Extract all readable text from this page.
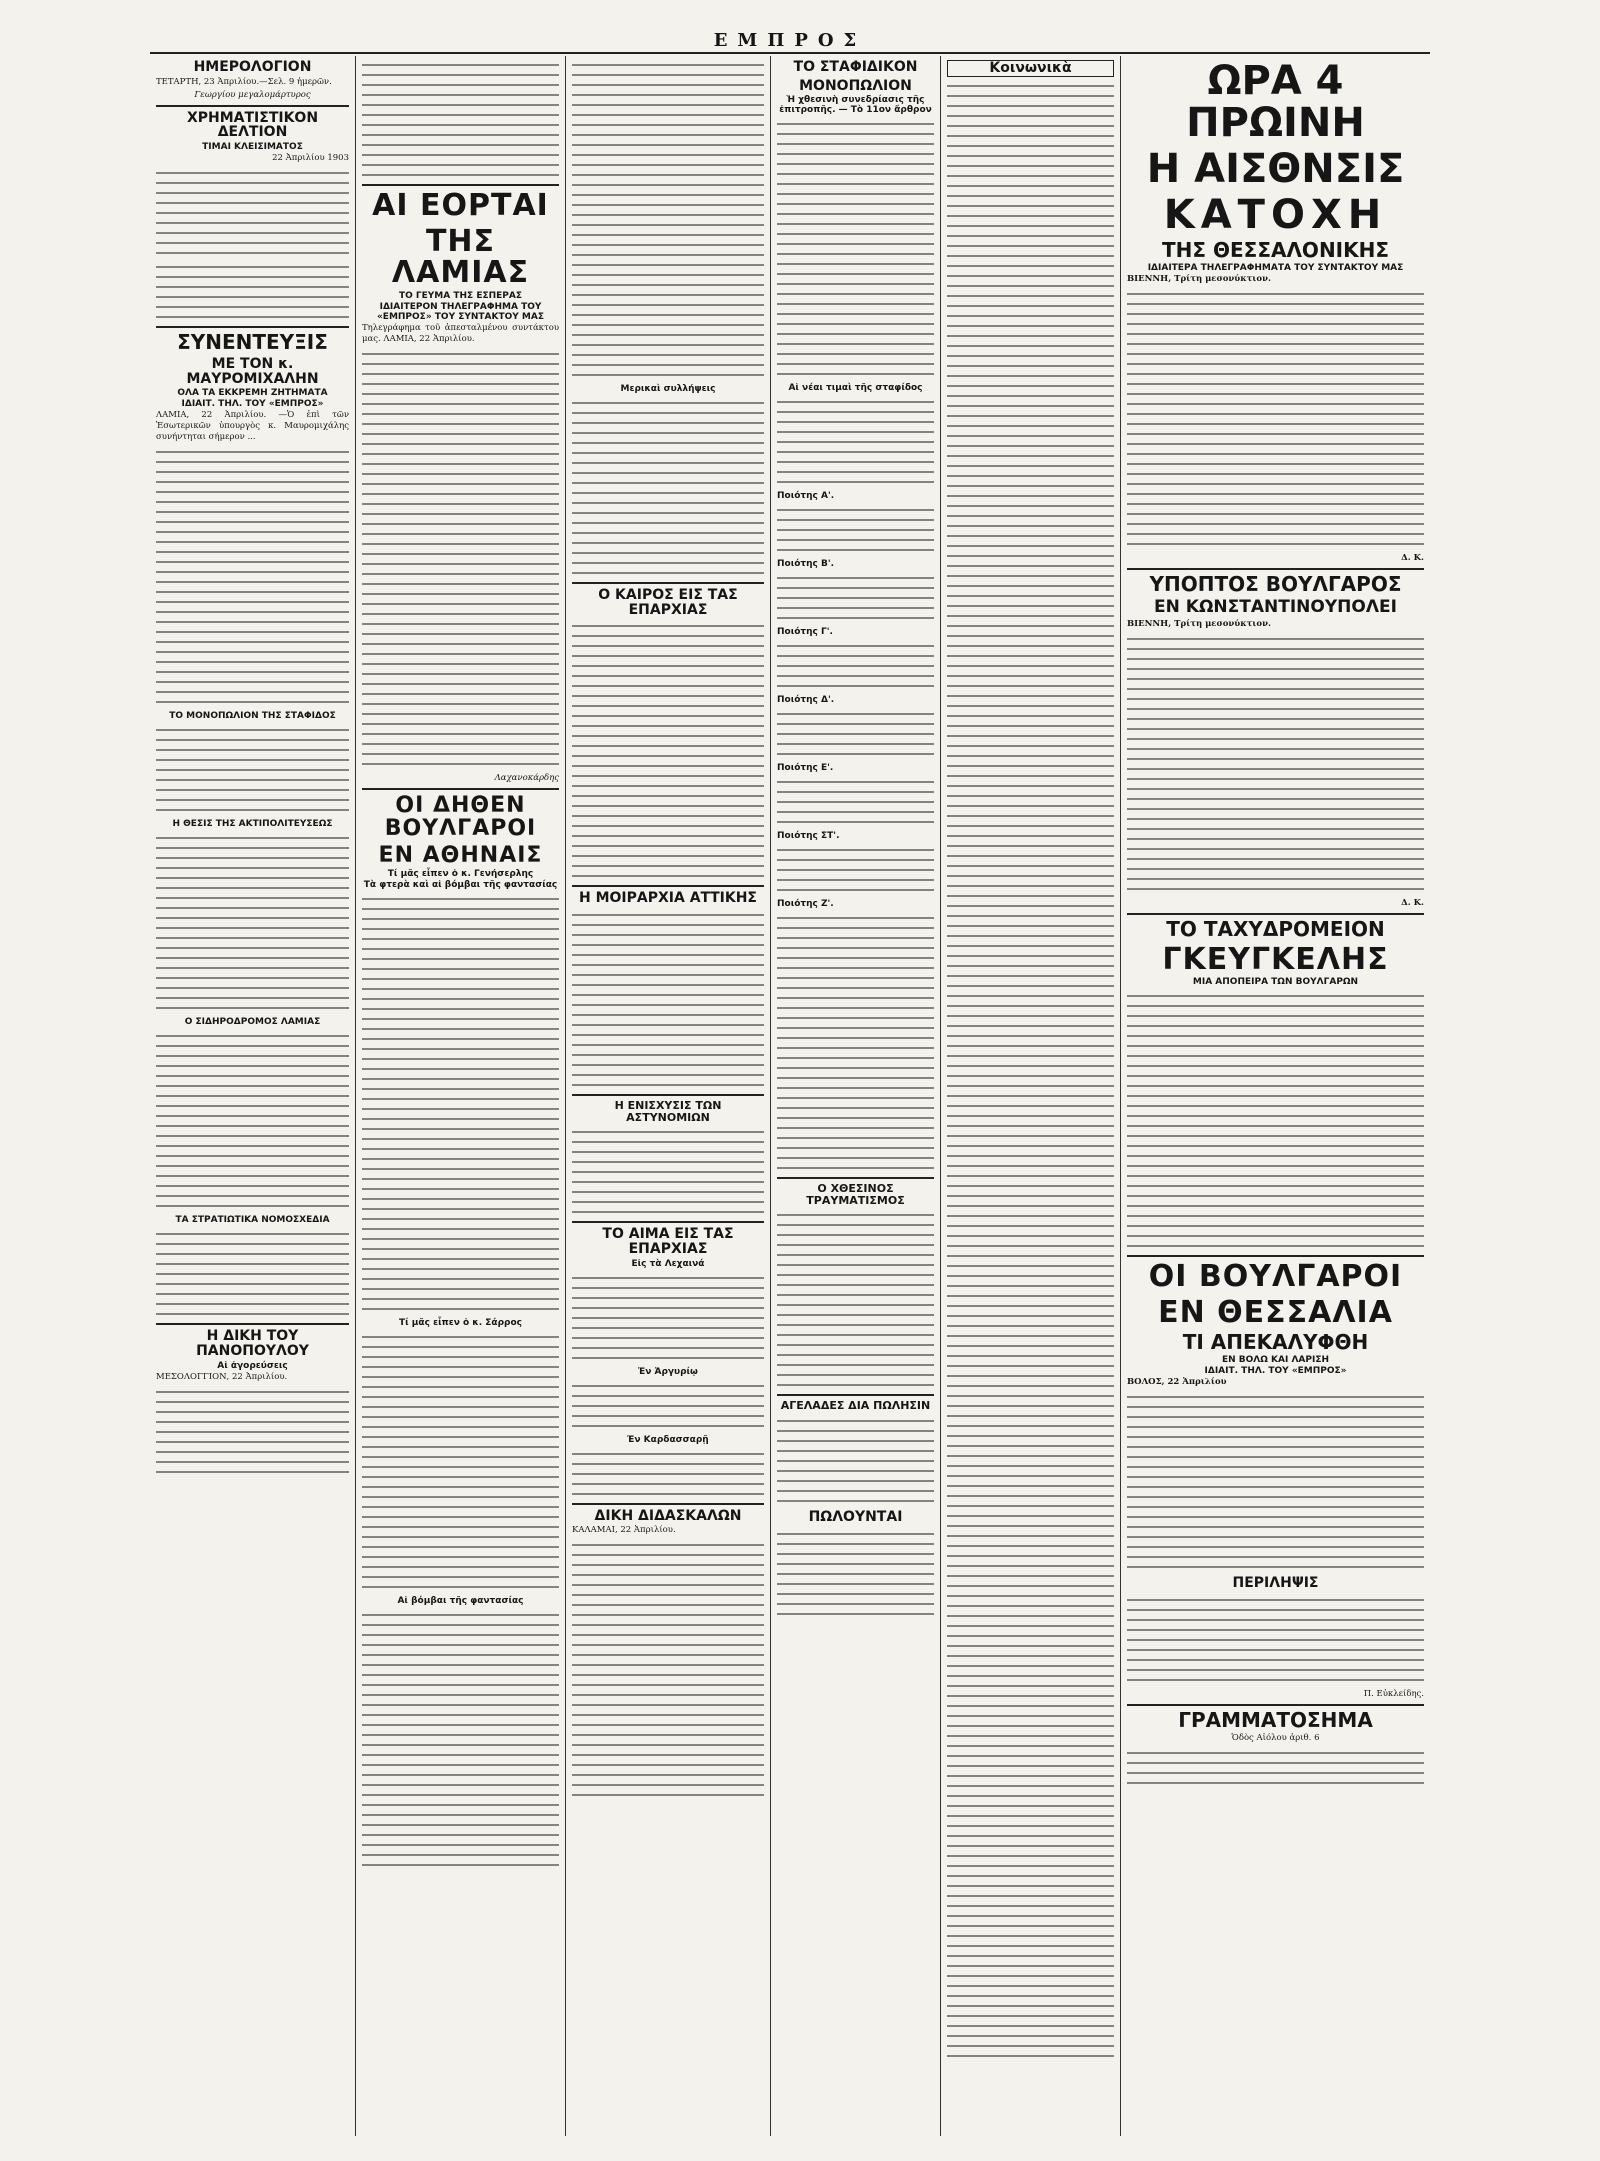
ΕΜΠΡΟΣ
ΗΜΕΡΟΛΟΓΙΟΝ
ΤΕΤΑΡΤΗ, 23 Ἀπριλίου.—Σελ. 9 ἡμερῶν.
Γεωργίου μεγαλομάρτυρος
ΧΡΗΜΑΤΙΣΤΙΚΟΝ ΔΕΛΤΙΟΝ
ΤΙΜΑΙ ΚΛΕΙΣΙΜΑΤΟΣ
22 Ἀπριλίου 1903
ΣΥΝΕΝΤΕΥΞΙΣ
ΜΕ ΤΟΝ κ. ΜΑΥΡΟΜΙΧΑΛΗΝ
ΟΛΑ ΤΑ ΕΚΚΡΕΜΗ ΖΗΤΗΜΑΤΑ
ΙΔΙΑΙΤ. ΤΗΛ. ΤΟΥ «ΕΜΠΡΟΣ»
ΛΑΜΙΑ, 22 Ἀπριλίου. —Ὁ ἐπὶ τῶν Ἐσωτερικῶν ὑπουργὸς κ. Μαυρομιχάλης συνήντηται σήμερον ...
ΤΟ ΜΟΝΟΠΩΛΙΟΝ ΤΗΣ ΣΤΑΦΙΔΟΣ
Η ΘΕΣΙΣ ΤΗΣ ΑΚΤΙΠΟΛΙΤΕΥΣΕΩΣ
Ο ΣΙΔΗΡΟΔΡΟΜΟΣ ΛΑΜΙΑΣ
ΤΑ ΣΤΡΑΤΙΩΤΙΚΑ ΝΟΜΟΣΧΕΔΙΑ
Η ΔΙΚΗ ΤΟΥ ΠΑΝΟΠΟΥΛΟΥ
Αἱ ἀγορεύσεις
ΜΕΣΟΛΟΓΓΙΟΝ, 22 Ἀπριλίου.
ΑΙ ΕΟΡΤΑΙ
ΤΗΣ ΛΑΜΙΑΣ
ΤΟ ΓΕΥΜΑ ΤΗΣ ΕΣΠΕΡΑΣ
ΙΔΙΑΙΤΕΡΟΝ ΤΗΛΕΓΡΑΦΗΜΑ ΤΟΥ «ΕΜΠΡΟΣ» ΤΟΥ ΣΥΝΤΑΚΤΟΥ ΜΑΣ
Τηλεγράφημα τοῦ ἀπεσταλμένου συντάκτου μας. ΛΑΜΙΑ, 22 Ἀπριλίου.
Λαχανοκάρδης
ΟΙ ΔΗΘΕΝ ΒΟΥΛΓΑΡΟΙ
ΕΝ ΑΘΗΝΑΙΣ
Τί μᾶς εἶπεν ὁ κ. Γενήσερλης
Τὰ φτερὰ καὶ αἱ βόμβαι τῆς φαντασίας
Τί μᾶς εἶπεν ὁ κ. Σάρρος
Αἱ βόμβαι τῆς φαντασίας
Μερικαὶ συλλήψεις
Ο ΚΑΙΡΟΣ ΕΙΣ ΤΑΣ ΕΠΑΡΧΙΑΣ
Η ΜΟΙΡΑΡΧΙΑ ΑΤΤΙΚΗΣ
Η ΕΝΙΣΧΥΣΙΣ ΤΩΝ ΑΣΤΥΝΟΜΙΩΝ
ΤΟ ΑΙΜΑ ΕΙΣ ΤΑΣ ΕΠΑΡΧΙΑΣ
Εἰς τὰ Λεχαινά
Ἐν Ἀργυρίῳ
Ἐν Καρδασσαρῇ
ΔΙΚΗ ΔΙΔΑΣΚΑΛΩΝ
ΚΑΛΑΜΑΙ, 22 Ἀπριλίου.
ΤΟ ΣΤΑΦΙΔΙΚΟΝ
ΜΟΝΟΠΩΛΙΟΝ
Ἡ χθεσινὴ συνεδρίασις τῆς ἐπιτροπῆς. — Τὸ 11ον ἄρθρον
Αἱ νέαι τιμαὶ τῆς σταφίδος
Ποιότης Α'.
Ποιότης Β'.
Ποιότης Γ'.
Ποιότης Δ'.
Ποιότης Ε'.
Ποιότης ΣΤ'.
Ποιότης Ζ'.
Ο ΧΘΕΣΙΝΟΣ ΤΡΑΥΜΑΤΙΣΜΟΣ
ΑΓΕΛΑΔΕΣ ΔΙΑ ΠΩΛΗΣΙΝ
ΠΩΛΟΥΝΤΑΙ
Κοινωνικὰ	ΩΡΑ 4 ΠΡΩΙΝΗ
Η ΑΙΣΘΝΣΙΣ
ΚΑΤΟΧΗ
ΤΗΣ ΘΕΣΣΑΛΟΝΙΚΗΣ
ΙΔΙΑΙΤΕΡΑ ΤΗΛΕΓΡΑΦΗΜΑΤΑ ΤΟΥ ΣΥΝΤΑΚΤΟΥ ΜΑΣ
ΒΙΕΝΝΗ, Τρίτη μεσονύκτιον.
Δ. Κ.
ΥΠΟΠΤΟΣ ΒΟΥΛΓΑΡΟΣ
ΕΝ ΚΩΝΣΤΑΝΤΙΝΟΥΠΟΛΕΙ
ΒΙΕΝΝΗ, Τρίτη μεσονύκτιον.
Δ. Κ.
ΤΟ ΤΑΧΥΔΡΟΜΕΙΟΝ
ΓΚΕΥΓΚΕΛΗΣ
ΜΙΑ ΑΠΟΠΕΙΡΑ ΤΩΝ ΒΟΥΛΓΑΡΩΝ
ΟΙ ΒΟΥΛΓΑΡΟΙ
ΕΝ ΘΕΣΣΑΛΙΑ
ΤΙ ΑΠΕΚΑΛΥΦΘΗ
ΕΝ ΒΟΛΩ ΚΑΙ ΛΑΡΙΣΗ
ΙΔΙΑΙΤ. ΤΗΛ. ΤΟΥ «ΕΜΠΡΟΣ»
ΒΟΛΟΣ, 22 Ἀπριλίου
ΠΕΡΙΛΗΨΙΣ
Π. Εὐκλείδης.
ΓΡΑΜΜΑΤΟΣΗΜΑ
Ὁδὸς Αἰόλου ἀριθ. 6
